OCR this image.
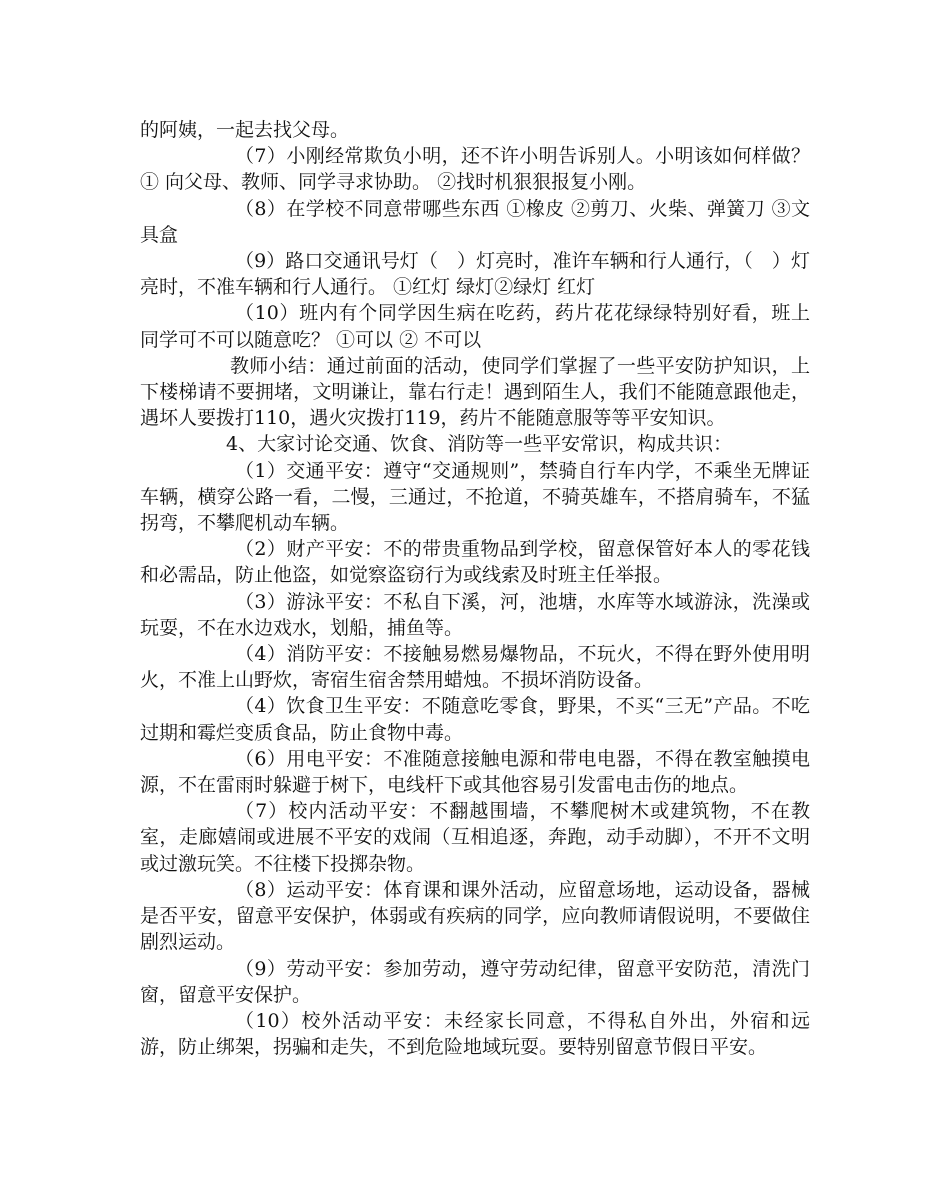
的阿姨，一起去找父母。

（7）小刚经常欺负小明，还不许小明告诉别人。小明该如何样做？ ① 向父母、教师、同学寻求协助。 ②找时机狠狠报复小刚。

（8）在学校不同意带哪些东西 ①橡皮 ②剪刀、火柴、弹簧刀 ③文具盒

（9）路口交通讯号灯（　）灯亮时，准许车辆和行人通行，（　）灯亮时，不准车辆和行人通行。 ①红灯 绿灯②绿灯 红灯

（10）班内有个同学因生病在吃药，药片花花绿绿特别好看，班上同学可不可以随意吃？ ①可以 ② 不可以

教师小结：通过前面的活动，使同学们掌握了一些平安防护知识，上下楼梯请不要拥堵，文明谦让，靠右行走！遇到陌生人，我们不能随意跟他走，遇坏人要拨打110，遇火灾拨打119，药片不能随意服等等平安知识。

4、大家讨论交通、饮食、消防等一些平安常识，构成共识：

（1）交通平安：遵守“交通规则”，禁骑自行车内学，不乘坐无牌证车辆，横穿公路一看，二慢，三通过，不抢道，不骑英雄车，不搭肩骑车，不猛拐弯，不攀爬机动车辆。

（2）财产平安：不的带贵重物品到学校，留意保管好本人的零花钱和必需品，防止他盗，如觉察盗窃行为或线索及时班主任举报。

（3）游泳平安：不私自下溪，河，池塘，水库等水域游泳，洗澡或玩耍，不在水边戏水，划船，捕鱼等。

（4）消防平安：不接触易燃易爆物品，不玩火，不得在野外使用明火，不准上山野炊，寄宿生宿舍禁用蜡烛。不损坏消防设备。

（4）饮食卫生平安：不随意吃零食，野果，不买“三无”产品。不吃过期和霉烂变质食品，防止食物中毒。

（6）用电平安：不准随意接触电源和带电电器，不得在教室触摸电源，不在雷雨时躲避于树下，电线杆下或其他容易引发雷电击伤的地点。

（7）校内活动平安：不翻越围墙，不攀爬树木或建筑物，不在教室，走廊嬉闹或进展不平安的戏闹（互相追逐，奔跑，动手动脚），不开不文明或过激玩笑。不往楼下投掷杂物。

（8）运动平安：体育课和课外活动，应留意场地，运动设备，器械是否平安，留意平安保护，体弱或有疾病的同学，应向教师请假说明，不要做住剧烈运动。

（9）劳动平安：参加劳动，遵守劳动纪律，留意平安防范，清洗门窗，留意平安保护。

（10）校外活动平安：未经家长同意，不得私自外出，外宿和远游，防止绑架，拐骗和走失，不到危险地域玩耍。要特别留意节假日平安。
